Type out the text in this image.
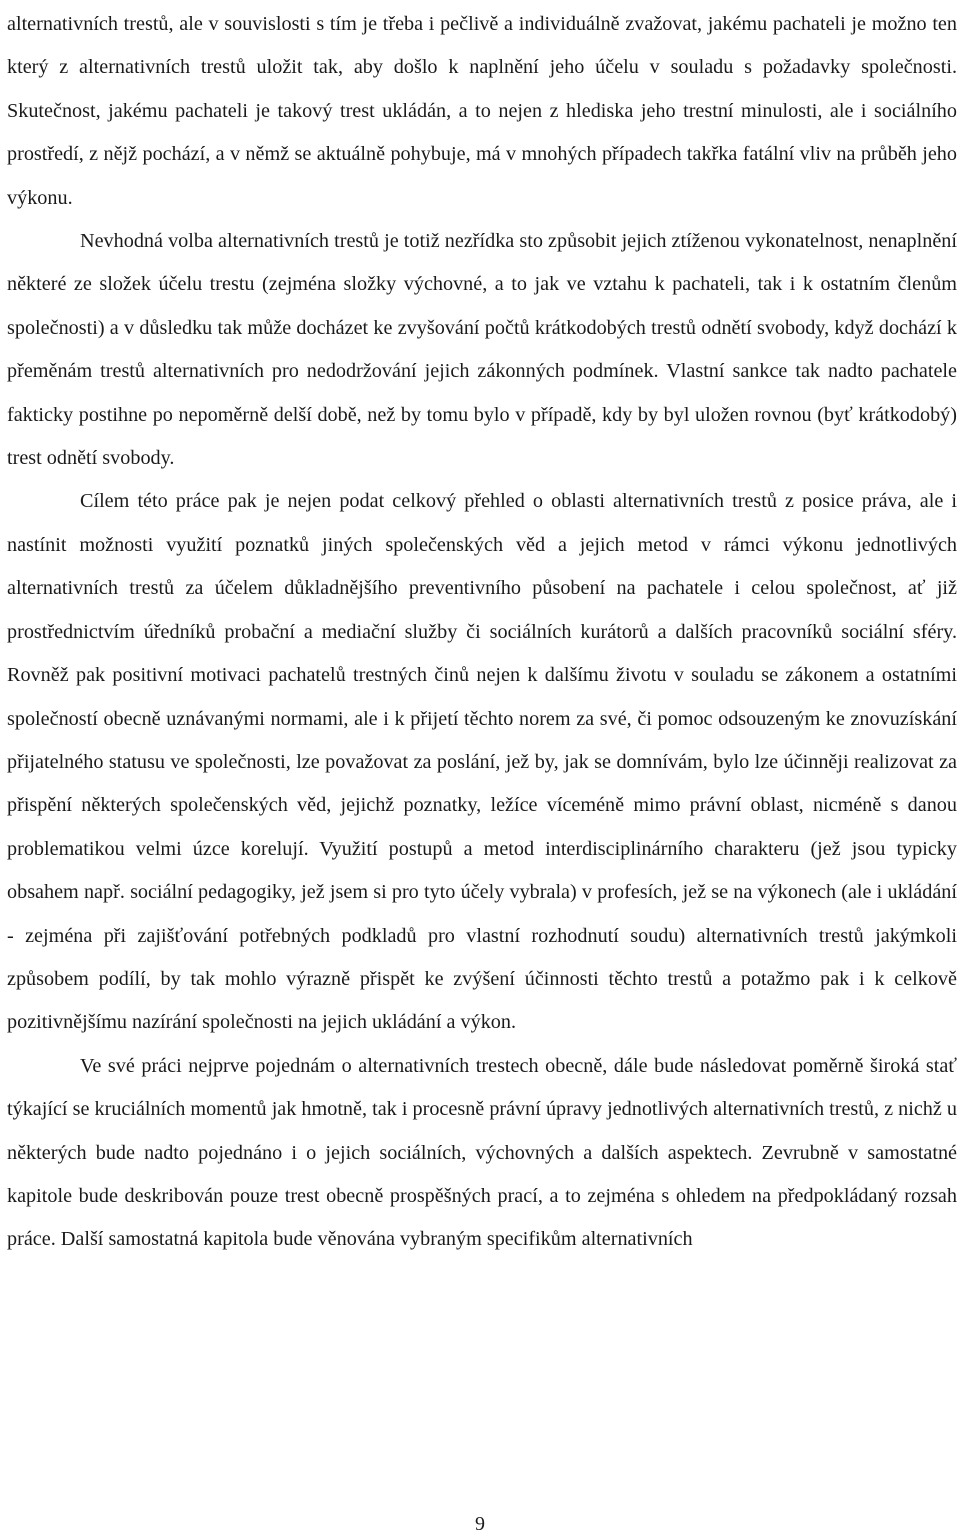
alternativních trestů, ale v souvislosti s tím je třeba i pečlivě a individuálně zvažovat, jakému pachateli je možno ten který z alternativních trestů uložit tak, aby došlo k naplnění jeho účelu v souladu s požadavky společnosti. Skutečnost, jakému pachateli je takový trest ukládán, a to nejen z hlediska jeho trestní minulosti, ale i sociálního prostředí, z nějž pochází, a v němž se aktuálně pohybuje, má v mnohých případech takřka fatální vliv na průběh jeho výkonu.

Nevhodná volba alternativních trestů je totiž nezřídka sto způsobit jejich ztíženou vykonatelnost, nenaplnění některé ze složek účelu trestu (zejména složky výchovné, a to jak ve vztahu k pachateli, tak i k ostatním členům společnosti) a v důsledku tak může docházet ke zvyšování počtů krátkodobých trestů odnětí svobody, když dochází k přeměnám trestů alternativních pro nedodržování jejich zákonných podmínek. Vlastní sankce tak nadto pachatele fakticky postihne po nepoměrně delší době, než by tomu bylo v případě, kdy by byl uložen rovnou (byť krátkodobý) trest odnětí svobody.

Cílem této práce pak je nejen podat celkový přehled o oblasti alternativních trestů z posice práva, ale i nastínit možnosti využití poznatků jiných společenských věd a jejich metod v rámci výkonu jednotlivých alternativních trestů za účelem důkladnějšího preventivního působení na pachatele i celou společnost, ať již prostřednictvím úředníků probační a mediační služby či sociálních kurátorů a dalších pracovníků sociální sféry. Rovněž pak positivní motivaci pachatelů trestných činů nejen k dalšímu životu v souladu se zákonem a ostatními společností obecně uznávanými normami, ale i k přijetí těchto norem za své, či pomoc odsouzeným ke znovuzískání přijatelného statusu ve společnosti, lze považovat za poslání, jež by, jak se domnívám, bylo lze účinněji realizovat za přispění některých společenských věd, jejichž poznatky, ležíce víceméně mimo právní oblast, nicméně s danou problematikou velmi úzce korelují. Využití postupů a metod interdisciplinárního charakteru (jež jsou typicky obsahem např. sociální pedagogiky, jež jsem si pro tyto účely vybrala) v profesích, jež se na výkonech (ale i ukládání - zejména při zajišťování potřebných podkladů pro vlastní rozhodnutí soudu) alternativních trestů jakýmkoli způsobem podílí, by tak mohlo výrazně přispět ke zvýšení účinnosti těchto trestů a potažmo pak i k celkově pozitivnějšímu nazírání společnosti na jejich ukládání a výkon.

Ve své práci nejprve pojednám o alternativních trestech obecně, dále bude následovat poměrně široká stať týkající se kruciálních momentů jak hmotně, tak i procesně právní úpravy jednotlivých alternativních trestů, z nichž u některých bude nadto pojednáno i o jejich sociálních, výchovných a dalších aspektech. Zevrubně v samostatné kapitole bude deskribován pouze trest obecně prospěšných prací, a to zejména s ohledem na předpokládaný rozsah práce. Další samostatná kapitola bude věnována vybraným specifikům alternativních

9
